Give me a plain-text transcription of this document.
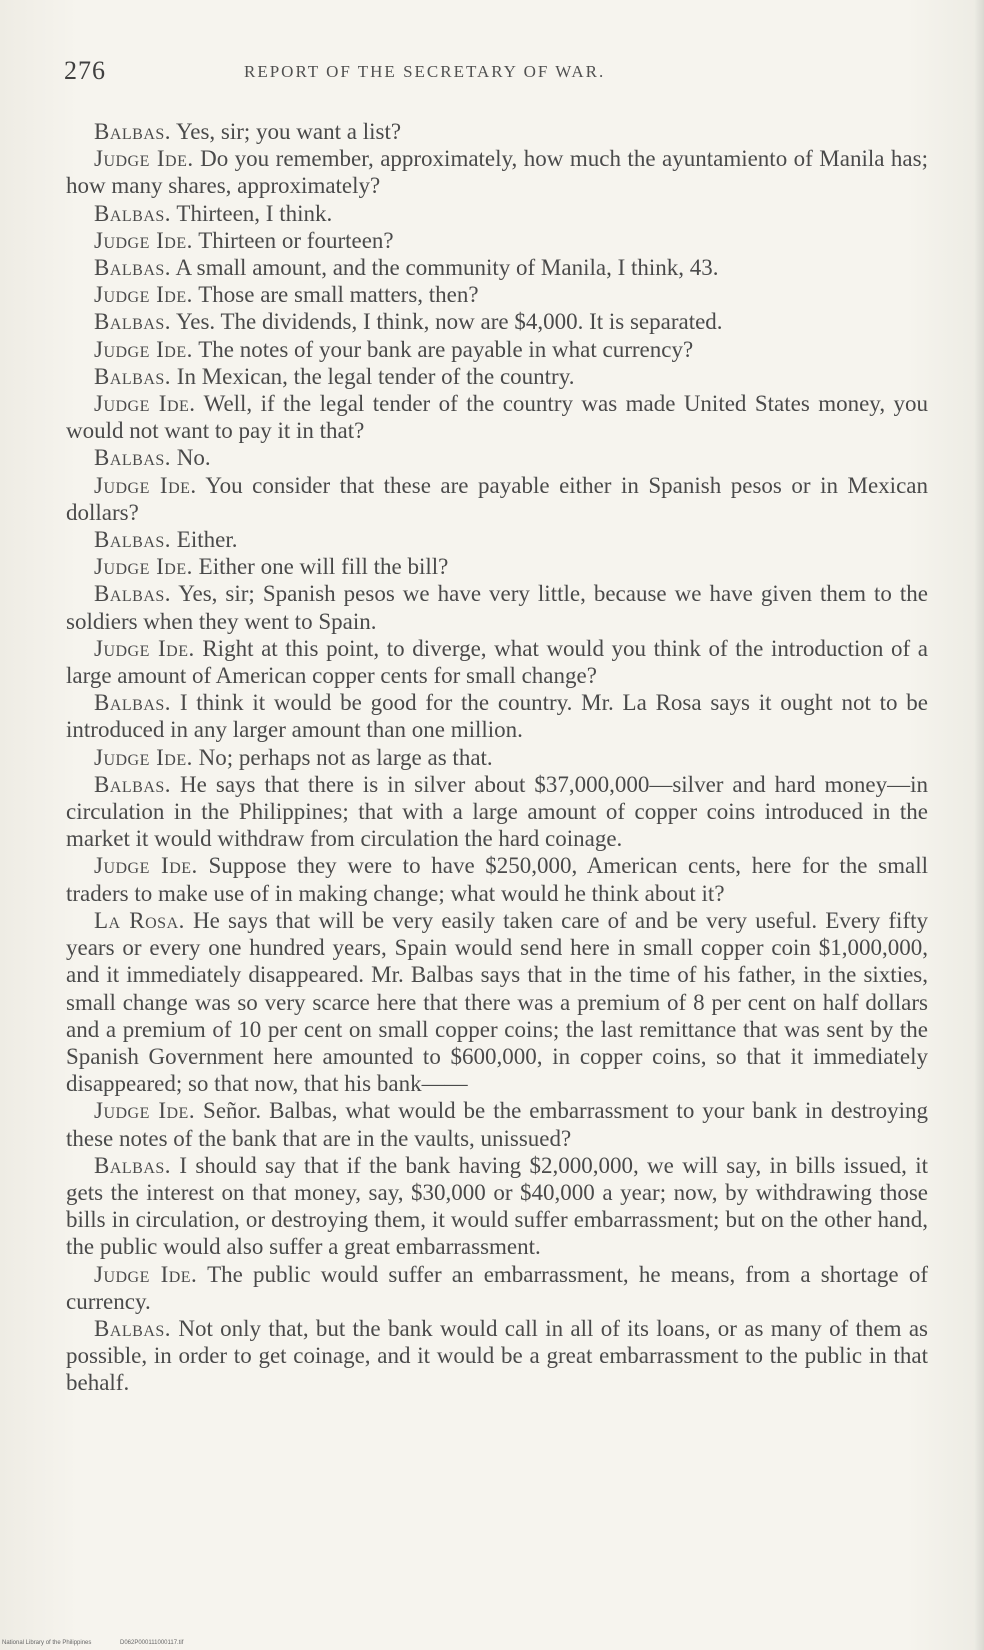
276	REPORT OF THE SECRETARY OF WAR.

Balbas. Yes, sir; you want a list?

Judge Ide. Do you remember, approximately, how much the ayuntamiento of Manila has; how many shares, approximately?

Balbas. Thirteen, I think.

Judge Ide. Thirteen or fourteen?

Balbas. A small amount, and the community of Manila, I think, 43.

Judge Ide. Those are small matters, then?

Balbas. Yes. The dividends, I think, now are $4,000. It is separated.

Judge Ide. The notes of your bank are payable in what currency?

Balbas. In Mexican, the legal tender of the country.

Judge Ide. Well, if the legal tender of the country was made United States money, you would not want to pay it in that?

Balbas. No.

Judge Ide. You consider that these are payable either in Spanish pesos or in Mexican dollars?

Balbas. Either.

Judge Ide. Either one will fill the bill?

Balbas. Yes, sir; Spanish pesos we have very little, because we have given them to the soldiers when they went to Spain.

Judge Ide. Right at this point, to diverge, what would you think of the introduction of a large amount of American copper cents for small change?

Balbas. I think it would be good for the country. Mr. La Rosa says it ought not to be introduced in any larger amount than one million.

Judge Ide. No; perhaps not as large as that.

Balbas. He says that there is in silver about $37,000,000—silver and hard money—in circulation in the Philippines; that with a large amount of copper coins introduced in the market it would withdraw from circulation the hard coinage.

Judge Ide. Suppose they were to have $250,000, American cents, here for the small traders to make use of in making change; what would he think about it?

La Rosa. He says that will be very easily taken care of and be very useful. Every fifty years or every one hundred years, Spain would send here in small copper coin $1,000,000, and it immediately disappeared. Mr. Balbas says that in the time of his father, in the sixties, small change was so very scarce here that there was a premium of 8 per cent on half dollars and a premium of 10 per cent on small copper coins; the last remittance that was sent by the Spanish Government here amounted to $600,000, in copper coins, so that it immediately disappeared; so that now, that his bank——

Judge Ide. Señor. Balbas, what would be the embarrassment to your bank in destroying these notes of the bank that are in the vaults, unissued?

Balbas. I should say that if the bank having $2,000,000, we will say, in bills issued, it gets the interest on that money, say, $30,000 or $40,000 a year; now, by withdrawing those bills in circulation, or destroying them, it would suffer embarrassment; but on the other hand, the public would also suffer a great embarrassment.

Judge Ide. The public would suffer an embarrassment, he means, from a shortage of currency.

Balbas. Not only that, but the bank would call in all of its loans, or as many of them as possible, in order to get coinage, and it would be a great embarrassment to the public in that behalf.

National Library of the Philippines	D062P000111000117.tif
